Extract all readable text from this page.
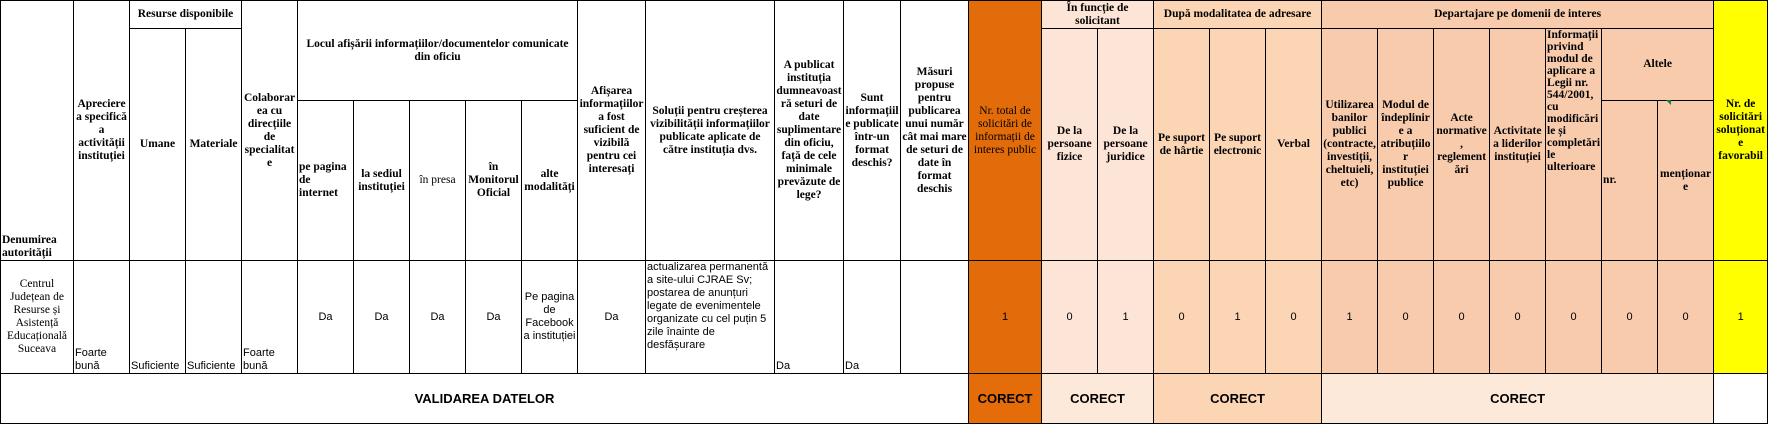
Denumirea autorității	Aprecierea specifică a activității instituției	Resurse disponibile		Colaborarea cu direcțiile de specialitate	Locul afișării informațiilor/documentelor comunicate din oficiu					Afișarea informațiilor a fost suficient de vizibilă pentru cei interesați	Soluții pentru creșterea vizibilității informațiilor publicate aplicate de către instituția dvs.	A publicat instituția dumneavoastră seturi de date suplimentare din oficiu, față de cele minimale prevăzute de lege?	Sunt informațiile publicate într-un format deschis?	Măsuri propuse pentru publicarea unui număr cât mai mare de seturi de date în format deschis	Nr. total de solicitări de informații de interes public	În funcție de solicitant		După modalitatea de adresare			Departajare pe domenii de interes							Nr. de solicitări soluționate favorabil
		Umane	Materiale													De la persoane fizice	De la persoane juridice	Pe suport de hârtie	Pe suport electronic	Verbal	Utilizarea banilor publici (contracte, investiții, cheltuieli, etc)	Modul de îndeplinire a atribuțiilor instituției publice	Acte normative, reglementări	Activitatea liderilor instituției	Informații privind modul de aplicare a Legii nr. 544/2001, cu modificările și completările ulterioare	Altele		
					pe pagina de internet	la sediul instituției	în presa	în Monitorul Oficial	alte modalități																	nr.	menționare	
Centrul Județean de Resurse și Asistență Educațională Suceava	Foarte bună	Suficiente	Suficiente	Foarte bună	Da	Da	Da	Da	Pe pagina de Facebook a instituției	Da	actualizarea permanentă a site-ului CJRAE Sv; postarea de anunțuri legate de evenimentele organizate cu cel puțin 5 zile înainte de desfășurare	Da	Da		1	0	1	0	1	0	1	0	0	0	0	0	0	1
VALIDAREA DATELOR															CORECT	CORECT		CORECT			CORECT							
